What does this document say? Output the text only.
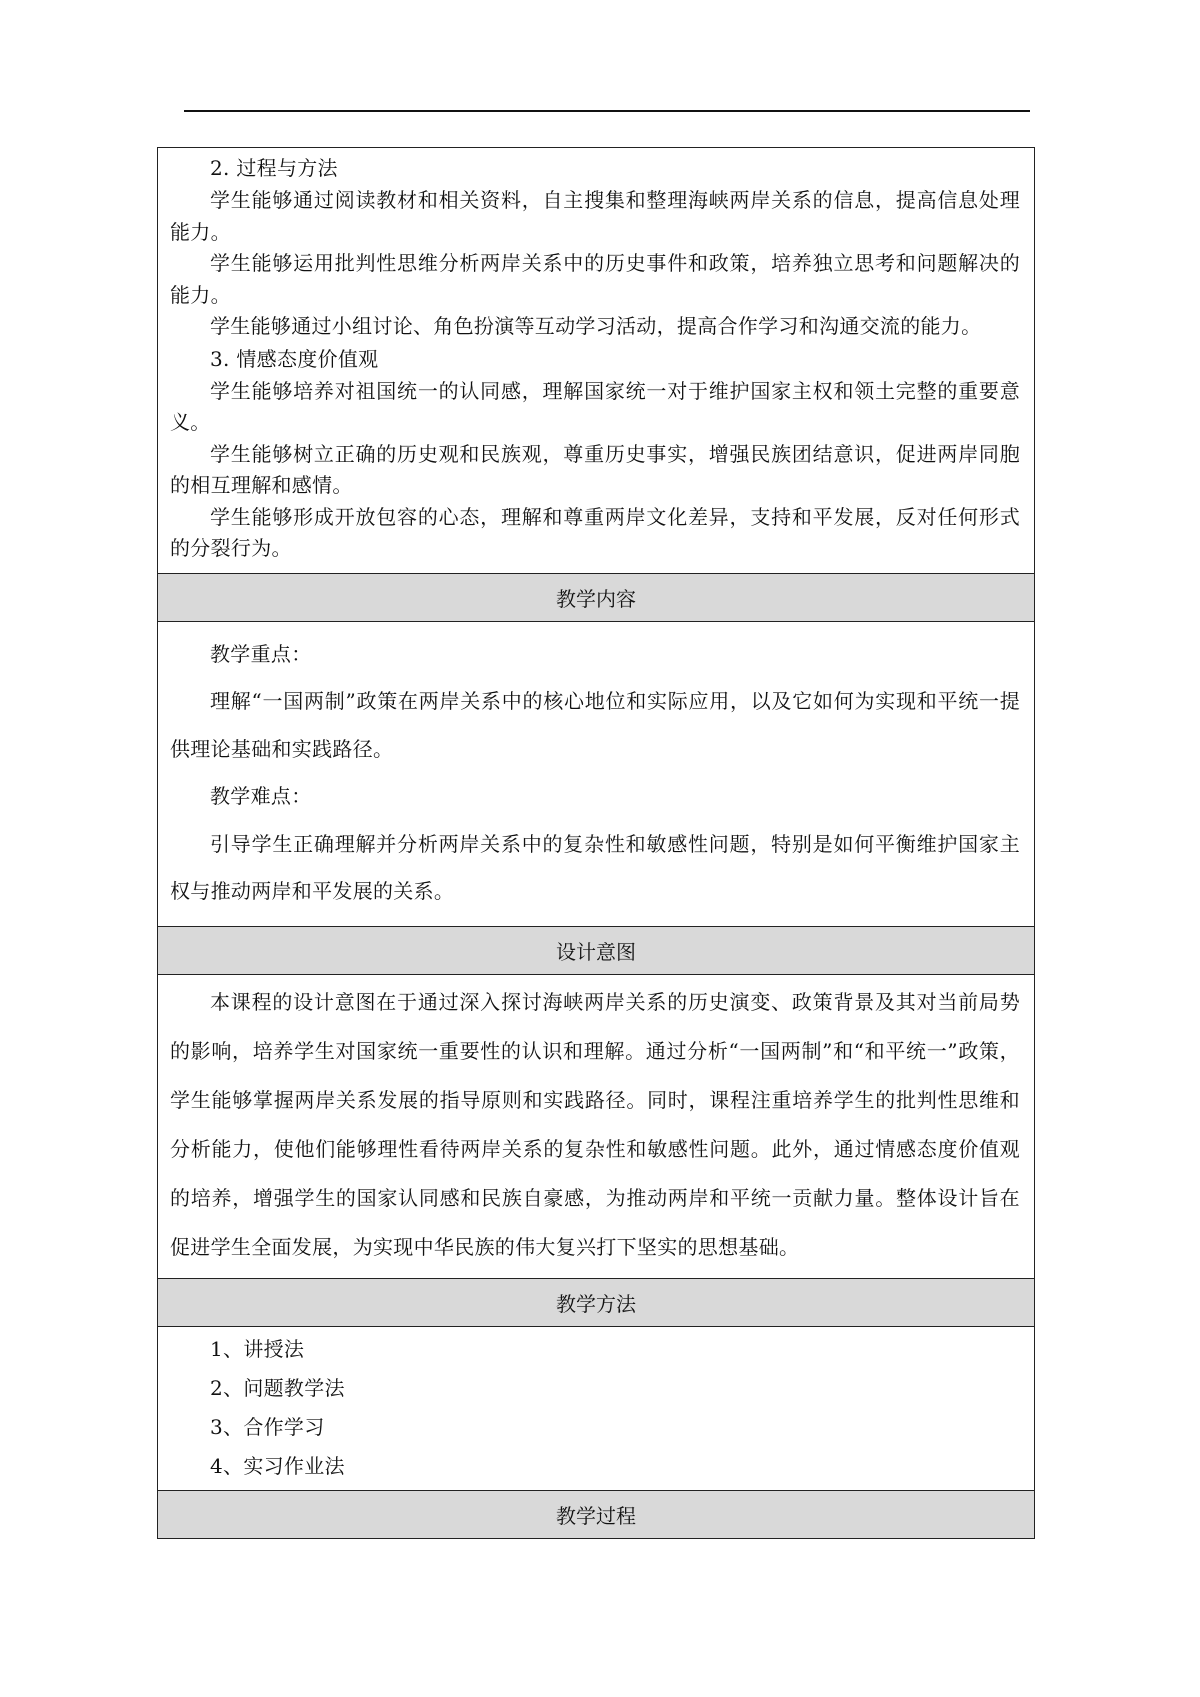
2. 过程与方法

学生能够通过阅读教材和相关资料，自主搜集和整理海峡两岸关系的信息，提高信息处理能力。

学生能够运用批判性思维分析两岸关系中的历史事件和政策，培养独立思考和问题解决的能力。

学生能够通过小组讨论、角色扮演等互动学习活动，提高合作学习和沟通交流的能力。

3. 情感态度价值观

学生能够培养对祖国统一的认同感，理解国家统一对于维护国家主权和领土完整的重要意义。

学生能够树立正确的历史观和民族观，尊重历史事实，增强民族团结意识，促进两岸同胞的相互理解和感情。

学生能够形成开放包容的心态，理解和尊重两岸文化差异，支持和平发展，反对任何形式的分裂行为。

教学内容

教学重点：

理解“一国两制”政策在两岸关系中的核心地位和实际应用，以及它如何为实现和平统一提供理论基础和实践路径。

教学难点：

引导学生正确理解并分析两岸关系中的复杂性和敏感性问题，特别是如何平衡维护国家主权与推动两岸和平发展的关系。

设计意图

本课程的设计意图在于通过深入探讨海峡两岸关系的历史演变、政策背景及其对当前局势的影响，培养学生对国家统一重要性的认识和理解。通过分析“一国两制”和“和平统一”政策，学生能够掌握两岸关系发展的指导原则和实践路径。同时，课程注重培养学生的批判性思维和分析能力，使他们能够理性看待两岸关系的复杂性和敏感性问题。此外，通过情感态度价值观的培养，增强学生的国家认同感和民族自豪感，为推动两岸和平统一贡献力量。整体设计旨在促进学生全面发展，为实现中华民族的伟大复兴打下坚实的思想基础。

教学方法

1、讲授法

2、问题教学法

3、合作学习

4、实习作业法

教学过程
